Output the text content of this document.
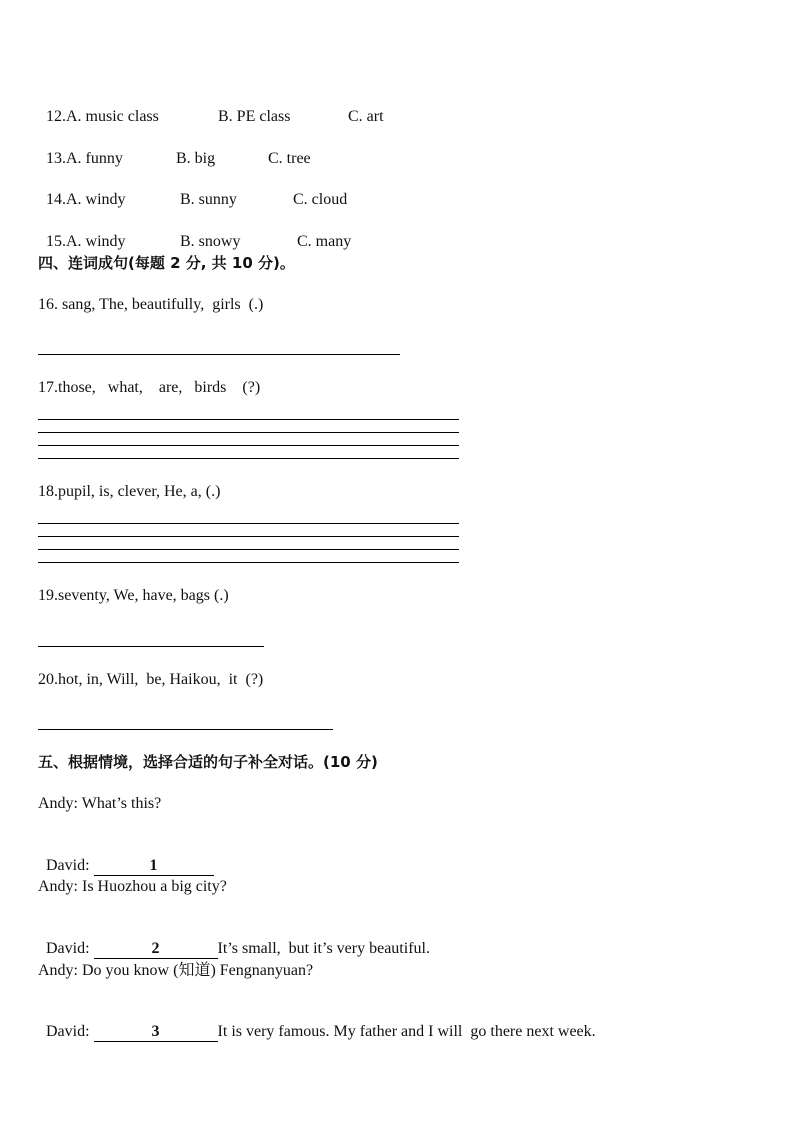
12.A. music class	B. PE class	C. art

13.A. funny	B. big	C. tree

14.A. windy	B. sunny	C. cloud

15.A. windy	B. snowy	C. many

四、连词成句(每题 2 分, 共 10 分)。
16. sang, The, beautifully,  girls  (.)
17.those,   what,    are,   birds    (?)
18.pupil, is, clever, He, a, (.)
19.seventy, We, have, bags (.)
20.hot, in, Will,  be, Haikou,  it  (?)
五、根据情境，选择合适的句子补全对话。(10 分)
Andy: What’s this?

David:	1

Andy: Is Huozhou a big city?

David:	2	It’s small,  but it’s very beautiful.

Andy: Do you know (知道) Fengnanyuan?

David:	3	It is very famous. My father and I will  go there next week.
